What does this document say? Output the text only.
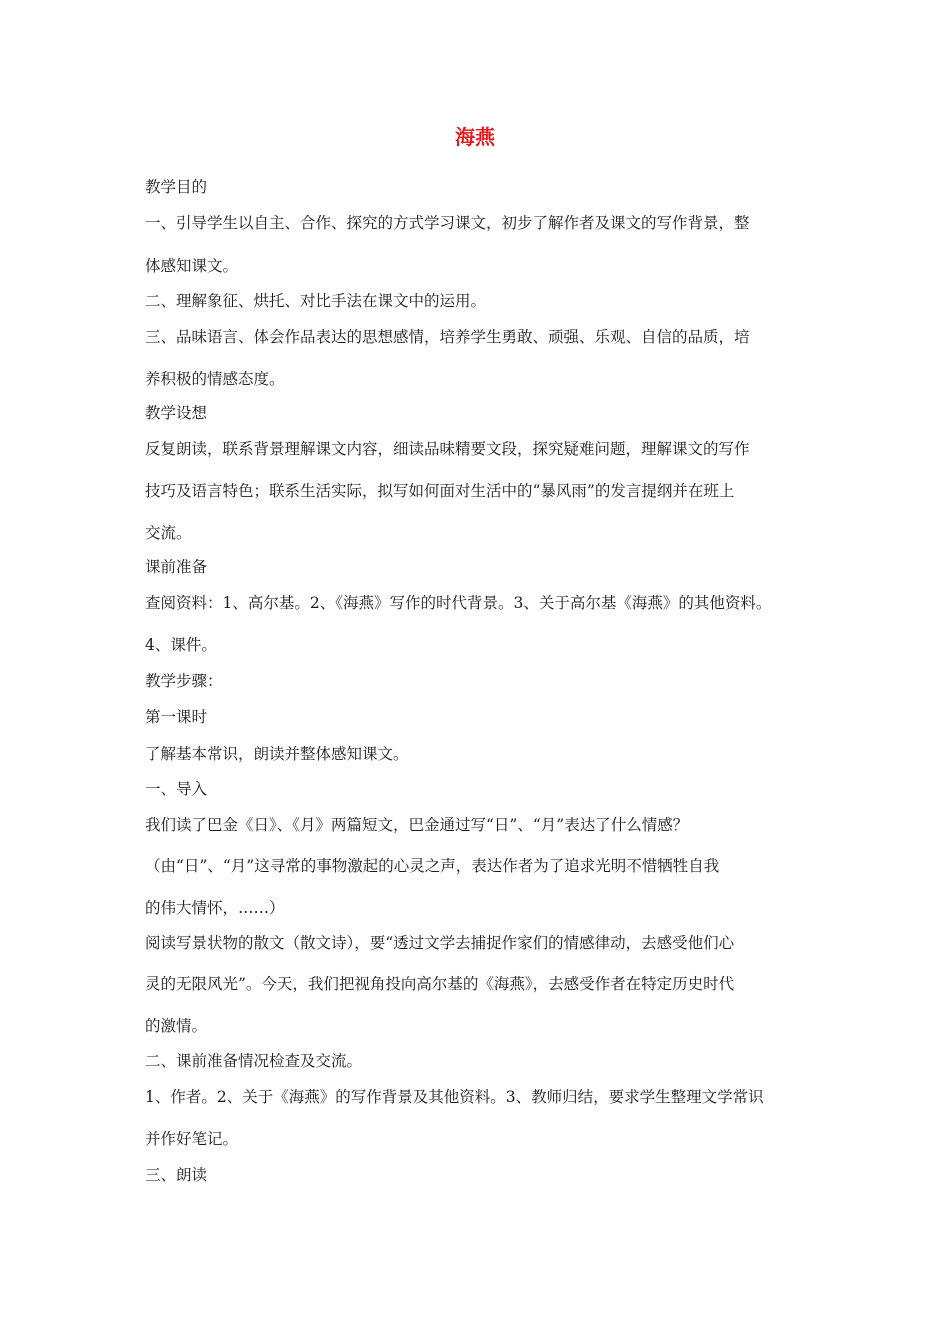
海燕
教学目的
一、引导学生以自主、合作、探究的方式学习课文，初步了解作者及课文的写作背景，整
体感知课文。
二、理解象征、烘托、对比手法在课文中的运用。
三、品味语言、体会作品表达的思想感情，培养学生勇敢、顽强、乐观、自信的品质，培
养积极的情感态度。
教学设想
反复朗读，联系背景理解课文内容，细读品味精要文段，探究疑难问题，理解课文的写作
技巧及语言特色；联系生活实际，拟写如何面对生活中的“暴风雨”的发言提纲并在班上
交流。
课前准备
查阅资料：1、高尔基。2、《海燕》写作的时代背景。3、关于高尔基《海燕》的其他资料。
4、课件。
教学步骤：
第一课时
了解基本常识，朗读并整体感知课文。
一、导入
我们读了巴金《日》、《月》两篇短文，巴金通过写“日”、“月”表达了什么情感？
（由“日”、“月”这寻常的事物激起的心灵之声，表达作者为了追求光明不惜牺牲自我
的伟大情怀，……）
阅读写景状物的散文（散文诗），要“透过文学去捕捉作家们的情感律动，去感受他们心
灵的无限风光”。今天，我们把视角投向高尔基的《海燕》，去感受作者在特定历史时代
的激情。
二、课前准备情况检查及交流。
1、作者。2、关于《海燕》的写作背景及其他资料。3、教师归结，要求学生整理文学常识
并作好笔记。
三、朗读
